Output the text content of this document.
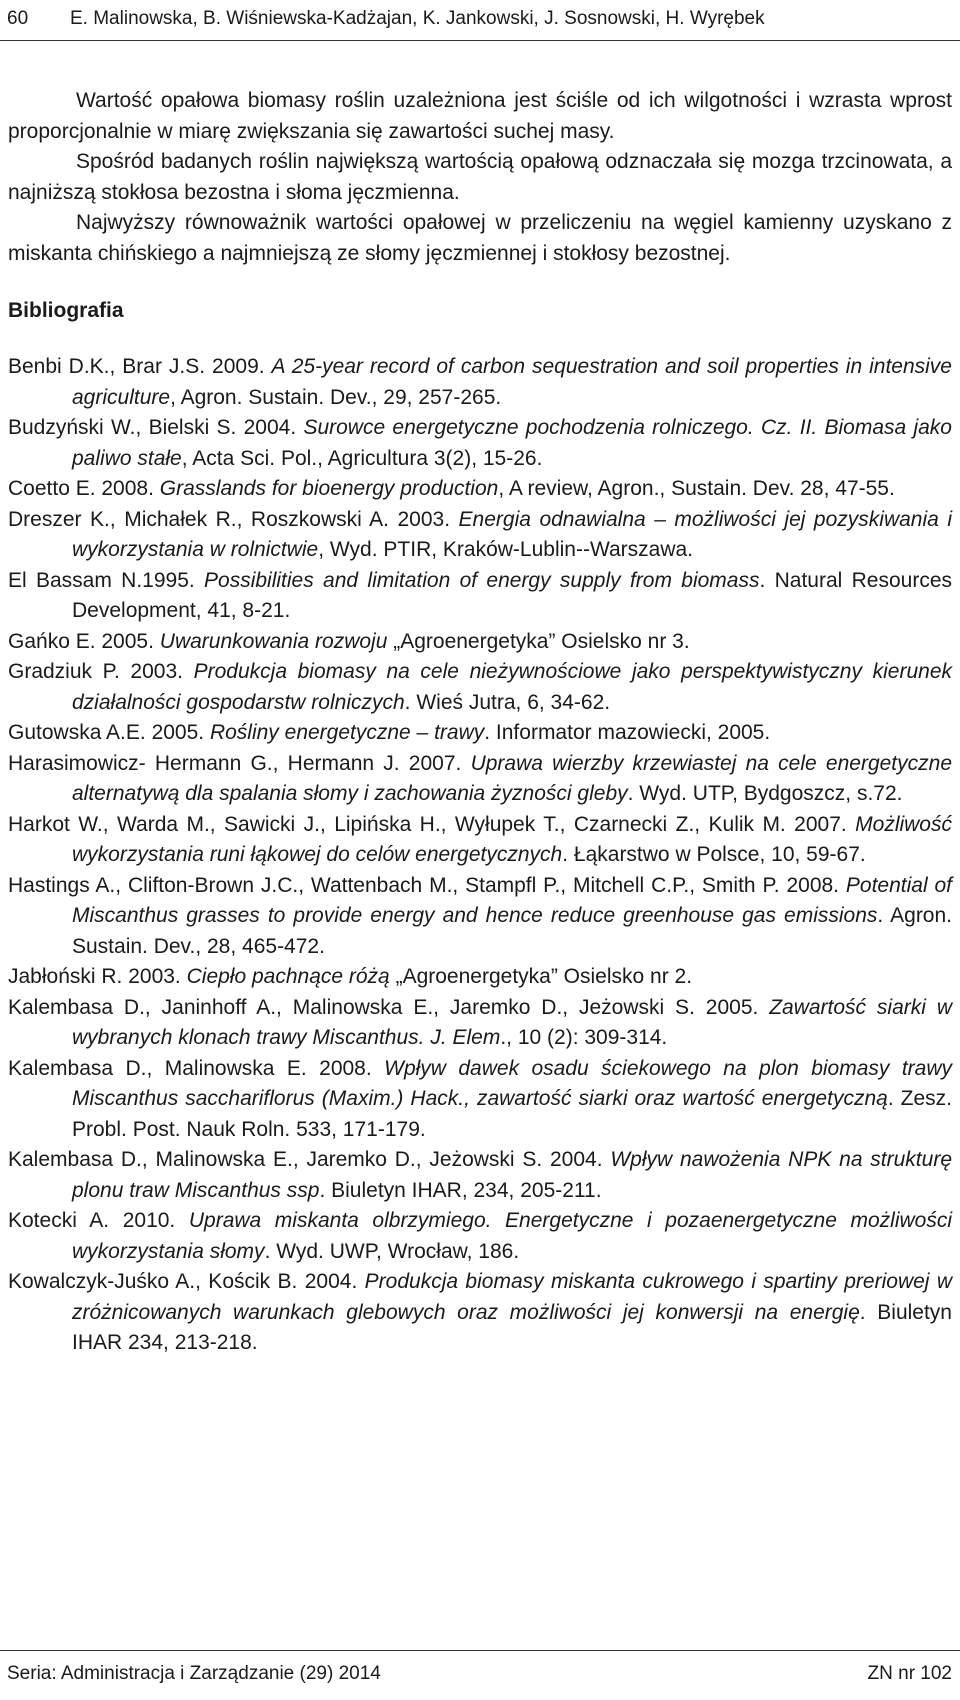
60 E. Malinowska, B. Wiśniewska-Kadżajan, K. Jankowski, J. Sosnowski, H. Wyrębek

Wartość opałowa biomasy roślin uzależniona jest ściśle od ich wilgotności i wzrasta wprost proporcjonalnie w miarę zwiększania się zawartości suchej masy.

Spośród badanych roślin największą wartością opałową odznaczała się mozga trzcinowata, a najniższą stokłosa bezostna i słoma jęczmienna.

Najwyższy równoważnik wartości opałowej w przeliczeniu na węgiel kamienny uzyskano z miskanta chińskiego a najmniejszą ze słomy jęczmiennej i stokłosy bezostnej.

Bibliografia

Benbi D.K., Brar J.S. 2009. A 25-year record of carbon sequestration and soil properties in intensive agriculture, Agron. Sustain. Dev., 29, 257-265.

Budzyński W., Bielski S. 2004. Surowce energetyczne pochodzenia rolniczego. Cz. II. Biomasa jako paliwo stałe, Acta Sci. Pol., Agricultura 3(2), 15-26.

Coetto E. 2008. Grasslands for bioenergy production, A review, Agron., Sustain. Dev. 28, 47-55.

Dreszer K., Michałek R., Roszkowski A. 2003. Energia odnawialna – możliwości jej pozyskiwania i wykorzystania w rolnictwie, Wyd. PTIR, Kraków-Lublin--Warszawa.

El Bassam N.1995. Possibilities and limitation of energy supply from biomass. Natural Resources Development, 41, 8-21.

Gańko E. 2005. Uwarunkowania rozwoju „Agroenergetyka” Osielsko nr 3.

Gradziuk P. 2003. Produkcja biomasy na cele nieżywnościowe jako perspektywistyczny kierunek działalności gospodarstw rolniczych. Wieś Jutra, 6, 34-62.

Gutowska A.E. 2005. Rośliny energetyczne – trawy. Informator mazowiecki, 2005.

Harasimowicz- Hermann G., Hermann J. 2007. Uprawa wierzby krzewiastej na cele energetyczne alternatywą dla spalania słomy i zachowania żyzności gleby. Wyd. UTP, Bydgoszcz, s.72.

Harkot W., Warda M., Sawicki J., Lipińska H., Wyłupek T., Czarnecki Z., Kulik M. 2007. Możliwość wykorzystania runi łąkowej do celów energetycznych. Łąkarstwo w Polsce, 10, 59-67.

Hastings A., Clifton-Brown J.C., Wattenbach M., Stampfl P., Mitchell C.P., Smith P. 2008. Potential of Miscanthus grasses to provide energy and hence reduce greenhouse gas emissions. Agron. Sustain. Dev., 28, 465-472.

Jabłoński R. 2003. Ciepło pachnące różą „Agroenergetyka” Osielsko nr 2.

Kalembasa D., Janinhoff A., Malinowska E., Jaremko D., Jeżowski S. 2005. Zawartość siarki w wybranych klonach trawy Miscanthus. J. Elem., 10 (2): 309-314.

Kalembasa D., Malinowska E. 2008. Wpływ dawek osadu ściekowego na plon biomasy trawy Miscanthus sacchariflorus (Maxim.) Hack., zawartość siarki oraz wartość energetyczną. Zesz. Probl. Post. Nauk Roln. 533, 171-179.

Kalembasa D., Malinowska E., Jaremko D., Jeżowski S. 2004. Wpływ nawożenia NPK na strukturę plonu traw Miscanthus ssp. Biuletyn IHAR, 234, 205-211.

Kotecki A. 2010. Uprawa miskanta olbrzymiego. Energetyczne i pozaenergetyczne możliwości wykorzystania słomy. Wyd. UWP, Wrocław, 186.

Kowalczyk-Juśko A., Kościk B. 2004. Produkcja biomasy miskanta cukrowego i spartiny preriowej w zróżnicowanych warunkach glebowych oraz możliwości jej konwersji na energię. Biuletyn IHAR 234, 213-218.

Seria: Administracja i Zarządzanie (29) 2014	ZN nr 102
